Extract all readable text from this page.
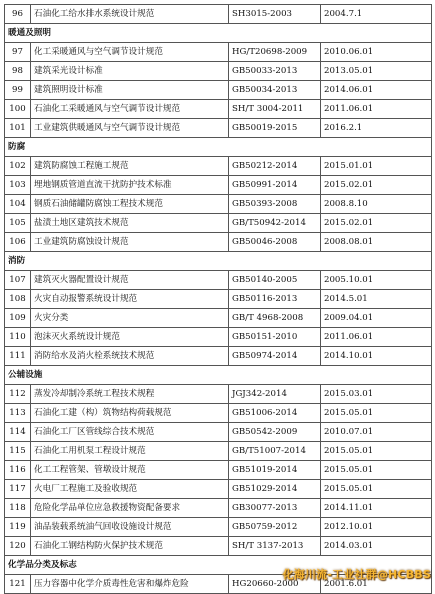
96	石油化工给水排水系统设计规范	SH3015-2003	2004.7.1
暖通及照明			
97	化工采暖通风与空气调节设计规范	HG/T20698-2009	2010.06.01
98	建筑采光设计标准	GB50033-2013	2013.05.01
99	建筑照明设计标准	GB50034-2013	2014.06.01
100	石油化工采暖通风与空气调节设计规范	SH/T 3004-2011	2011.06.01
101	工业建筑供暖通风与空气调节设计规范	GB50019-2015	2016.2.1
防腐			
102	建筑防腐蚀工程施工规范	GB50212-2014	2015.01.01
103	埋地钢质管道直流干扰防护技术标准	GB50991-2014	2015.02.01
104	钢质石油储罐防腐蚀工程技术规范	GB50393-2008	2008.8.10
105	盐渍土地区建筑技术规范	GB/T50942-2014	2015.02.01
106	工业建筑防腐蚀设计规范	GB50046-2008	2008.08.01
消防			
107	建筑灭火器配置设计规范	GB50140-2005	2005.10.01
108	火灾自动报警系统设计规范	GB50116-2013	2014.5.01
109	火灾分类	GB/T 4968-2008	2009.04.01
110	泡沫灭火系统设计规范	GB50151-2010	2011.06.01
111	消防给水及消火栓系统技术规范	GB50974-2014	2014.10.01
公辅设施			
112	蒸发冷却制冷系统工程技术规程	JGJ342-2014	2015.03.01
113	石油化工建（构）筑物结构荷载规范	GB51006-2014	2015.05.01
114	石油化工厂区管线综合技术规范	GB50542-2009	2010.07.01
115	石油化工用机泵工程设计规范	GB/T51007-2014	2015.05.01
116	化工工程管架、管墩设计规范	GB51019-2014	2015.05.01
117	火电厂工程施工及验收规范	GB51029-2014	2015.05.01
118	危险化学品单位应急救援物资配备要求	GB30077-2013	2014.11.01
119	油品装载系统油气回收设施设计规范	GB50759-2012	2012.10.01
120	石油化工钢结构防火保护技术规范	SH/T 3137-2013	2014.03.01
化学品分类及标志			
121	压力容器中化学介质毒性危害和爆炸危险	HG20660-2000	2001.6.01
化海川流-工业社群@HCBBS
